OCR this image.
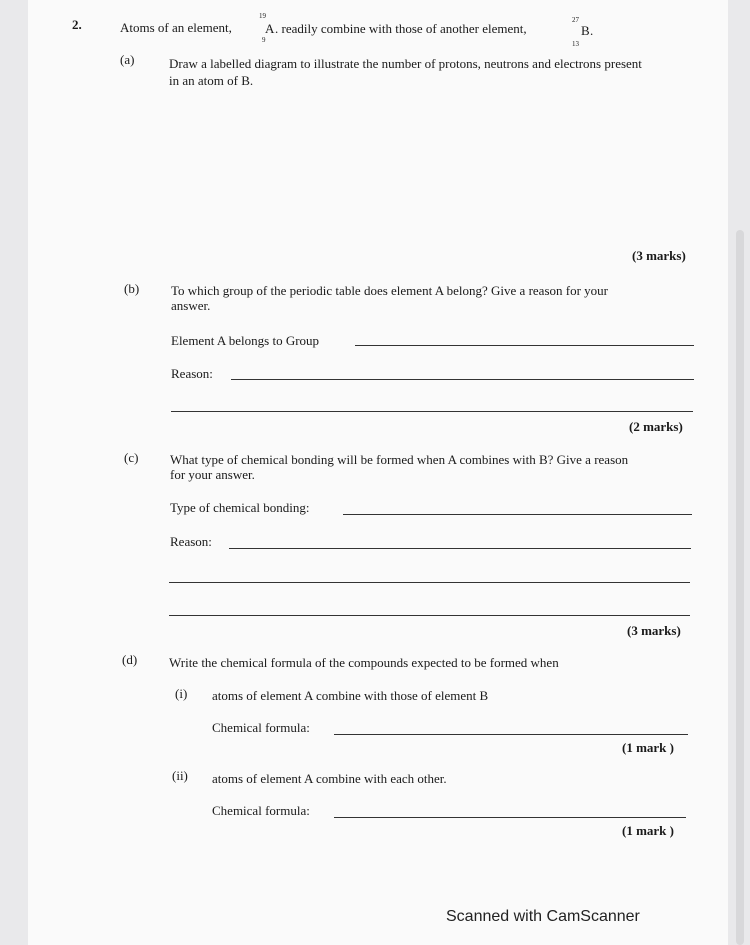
2.	Atoms of an element,
19
9
A . readily combine with those of another element,
27
13
B .
(a)	Draw a labelled diagram to illustrate the number of protons, neutrons and electrons present
in an atom of B.
(3 marks)
(b) To which group of the periodic table does element A belong? Give a reason for your
answer.
Element A belongs to Group
Reason:
(2 marks)
(c) What type of chemical bonding will be formed when A combines with B? Give a reason
for your answer.
Type of chemical bonding:
Reason:
(3 marks)
(d) Write the chemical formula of the compounds expected to be formed when
(i) atoms of element A combine with those of element B
Chemical formula:
(1 mark )
(ii) atoms of element A combine with each other.
Chemical formula:
(1 mark )
Scanned with CamScanner
